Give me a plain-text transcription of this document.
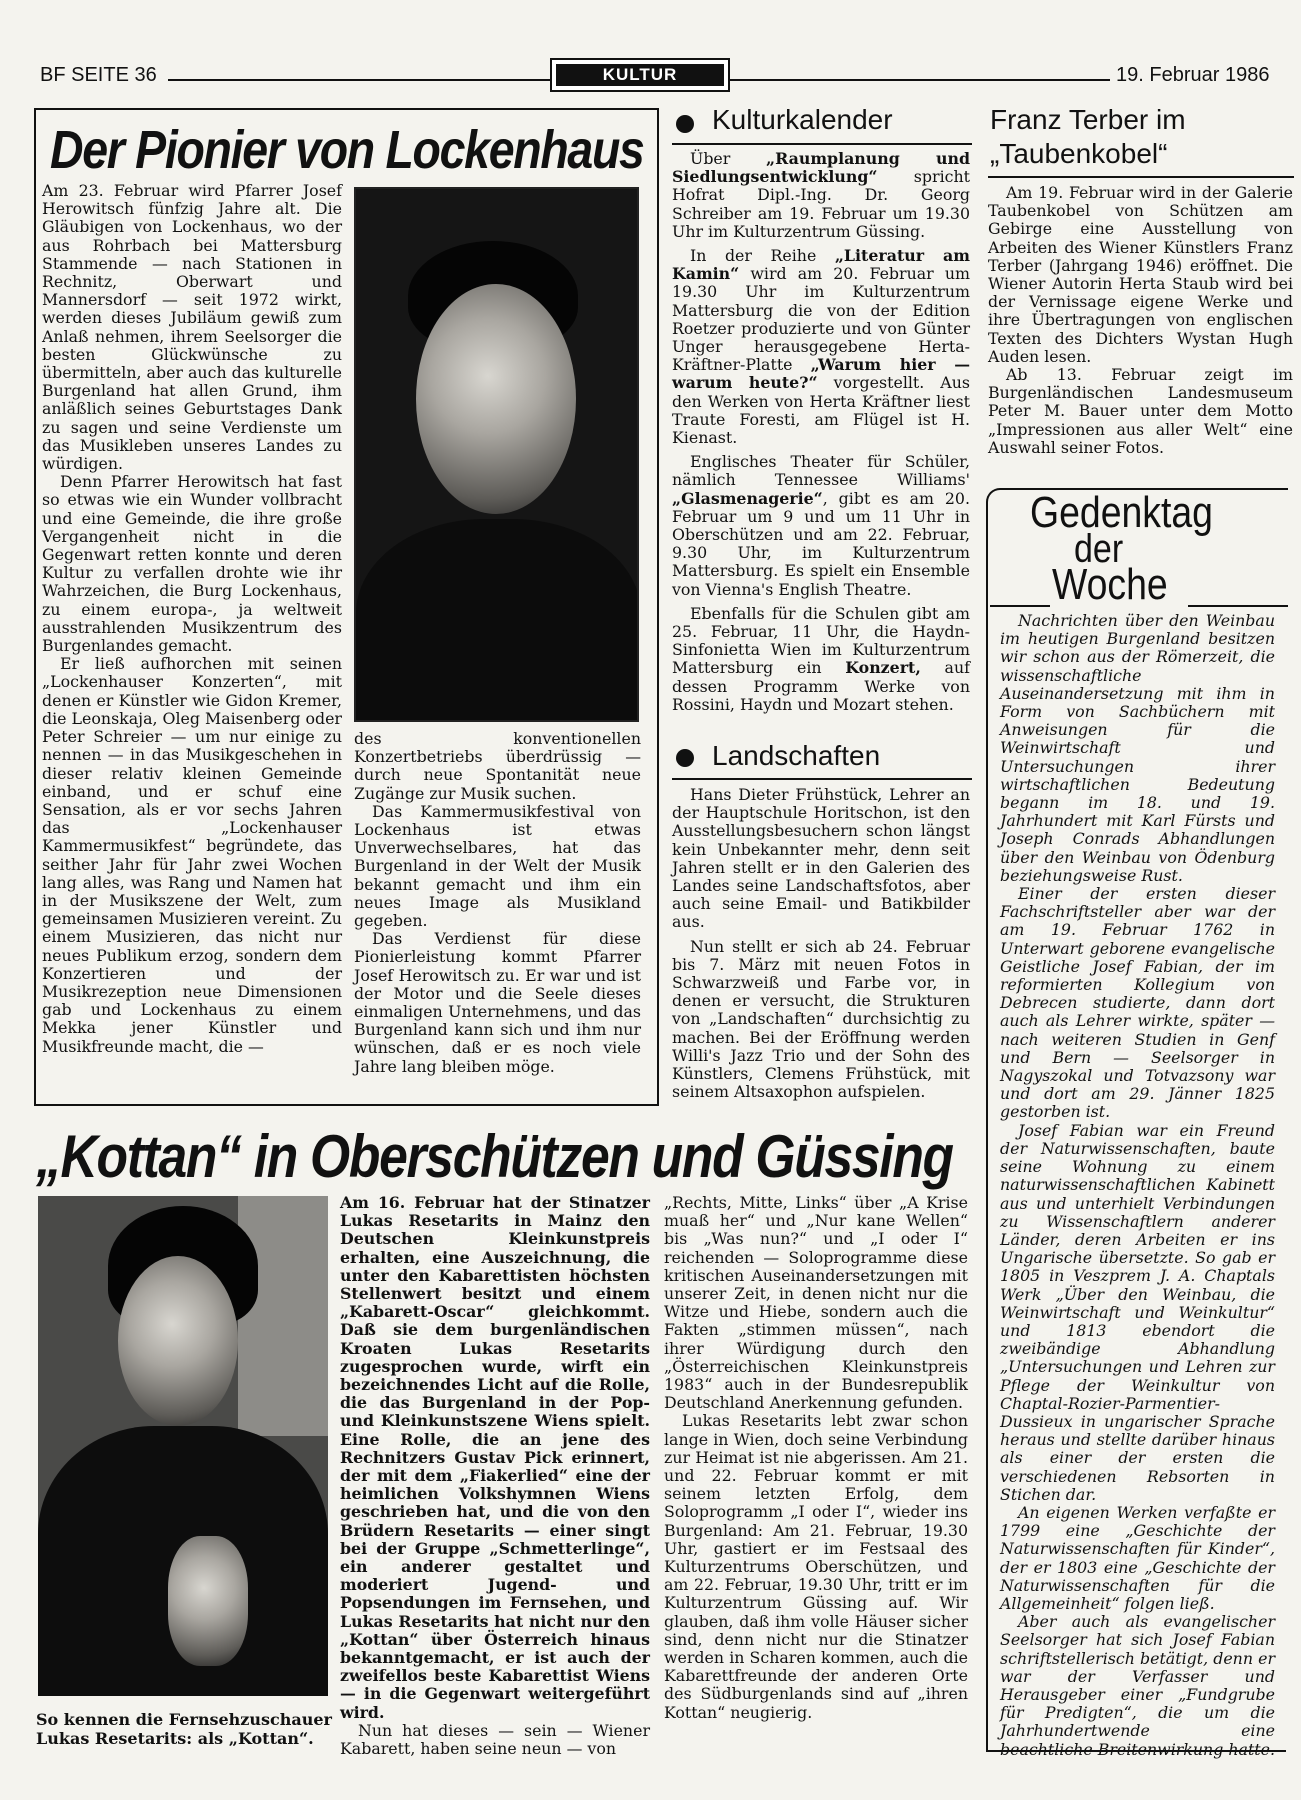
BF SEITE 36	KULTUR	19. Februar 1986
Der Pionier von Lockenhaus

Am 23. Februar wird Pfarrer Josef Herowitsch fünfzig Jahre alt. Die Gläubigen von Lockenhaus, wo der aus Rohrbach bei Mattersburg Stammende — nach Stationen in Rechnitz, Oberwart und Mannersdorf — seit 1972 wirkt, werden dieses Jubiläum gewiß zum Anlaß nehmen, ihrem Seelsorger die besten Glückwünsche zu übermitteln, aber auch das kulturelle Burgenland hat allen Grund, ihm anläßlich seines Geburtstages Dank zu sagen und seine Verdienste um das Musikleben unseres Landes zu würdigen.

Denn Pfarrer Herowitsch hat fast so etwas wie ein Wunder vollbracht und eine Gemeinde, die ihre große Vergangenheit nicht in die Gegenwart retten konnte und deren Kultur zu verfallen drohte wie ihr Wahrzeichen, die Burg Lockenhaus, zu einem europa-, ja weltweit ausstrahlenden Musikzentrum des Burgenlandes gemacht.

Er ließ aufhorchen mit seinen „Lockenhauser Konzerten“, mit denen er Künstler wie Gidon Kremer, die Leonskaja, Oleg Maisenberg oder Peter Schreier — um nur einige zu nennen — in das Musikgeschehen in dieser relativ kleinen Gemeinde einband, und er schuf eine Sensation, als er vor sechs Jahren das „Lockenhauser Kammermusikfest“ begründete, das seither Jahr für Jahr zwei Wochen lang alles, was Rang und Namen hat in der Musikszene der Welt, zum gemeinsamen Musizieren vereint. Zu einem Musizieren, das nicht nur neues Publikum erzog, sondern dem Konzertieren und der Musikrezeption neue Dimensionen gab und Lockenhaus zu einem Mekka jener Künstler und Musikfreunde macht, die —

des konventionellen Konzertbetriebs überdrüssig — durch neue Spontanität neue Zugänge zur Musik suchen.

Das Kammermusikfestival von Lockenhaus ist etwas Unverwechselbares, hat das Burgenland in der Welt der Musik bekannt gemacht und ihm ein neues Image als Musikland gegeben.

Das Verdienst für diese Pionierleistung kommt Pfarrer Josef Herowitsch zu. Er war und ist der Motor und die Seele dieses einmaligen Unternehmens, und das Burgenland kann sich und ihm nur wünschen, daß er es noch viele Jahre lang bleiben möge.

Kulturkalender

Über „Raumplanung und Siedlungsentwicklung“ spricht Hofrat Dipl.-Ing. Dr. Georg Schreiber am 19. Februar um 19.30 Uhr im Kulturzentrum Güssing.

In der Reihe „Literatur am Kamin“ wird am 20. Februar um 19.30 Uhr im Kulturzentrum Mattersburg die von der Edition Roetzer produzierte und von Günter Unger herausgegebene Herta-Kräftner-Platte „Warum hier — warum heute?“ vorgestellt. Aus den Werken von Herta Kräftner liest Traute Foresti, am Flügel ist H. Kienast.

Englisches Theater für Schüler, nämlich Tennessee Williams' „Glasmenagerie“, gibt es am 20. Februar um 9 und um 11 Uhr in Oberschützen und am 22. Februar, 9.30 Uhr, im Kulturzentrum Mattersburg. Es spielt ein Ensemble von Vienna's English Theatre.

Ebenfalls für die Schulen gibt am 25. Februar, 11 Uhr, die Haydn-Sinfonietta Wien im Kulturzentrum Mattersburg ein Konzert, auf dessen Programm Werke von Rossini, Haydn und Mozart stehen.

Landschaften

Hans Dieter Frühstück, Lehrer an der Hauptschule Horitschon, ist den Ausstellungsbesuchern schon längst kein Unbekannter mehr, denn seit Jahren stellt er in den Galerien des Landes seine Landschaftsfotos, aber auch seine Email- und Batikbilder aus.

Nun stellt er sich ab 24. Februar bis 7. März mit neuen Fotos in Schwarzweiß und Farbe vor, in denen er versucht, die Strukturen von „Landschaften“ durchsichtig zu machen. Bei der Eröffnung werden Willi's Jazz Trio und der Sohn des Künstlers, Clemens Frühstück, mit seinem Altsaxophon aufspielen.

Franz Terber im
„Taubenkobel“

Am 19. Februar wird in der Galerie Taubenkobel von Schützen am Gebirge eine Ausstellung von Arbeiten des Wiener Künstlers Franz Terber (Jahrgang 1946) eröffnet. Die Wiener Autorin Herta Staub wird bei der Vernissage eigene Werke und ihre Übertragungen von englischen Texten des Dichters Wystan Hugh Auden lesen.

Ab 13. Februar zeigt im Burgenländischen Landesmuseum Peter M. Bauer unter dem Motto „Impressionen aus aller Welt“ eine Auswahl seiner Fotos.

Gedenktag
der
Woche

Nachrichten über den Weinbau im heutigen Burgenland besitzen wir schon aus der Römerzeit, die wissenschaftliche Auseinandersetzung mit ihm in Form von Sachbüchern mit Anweisungen für die Weinwirtschaft und Untersuchungen ihrer wirtschaftlichen Bedeutung begann im 18. und 19. Jahrhundert mit Karl Fürsts und Joseph Conrads Abhandlungen über den Weinbau von Ödenburg beziehungsweise Rust.

Einer der ersten dieser Fachschriftsteller aber war der am 19. Februar 1762 in Unterwart geborene evangelische Geistliche Josef Fabian, der im reformierten Kollegium von Debrecen studierte, dann dort auch als Lehrer wirkte, später — nach weiteren Studien in Genf und Bern — Seelsorger in Nagyszokal und Totvazsony war und dort am 29. Jänner 1825 gestorben ist.

Josef Fabian war ein Freund der Naturwissenschaften, baute seine Wohnung zu einem naturwissenschaftlichen Kabinett aus und unterhielt Verbindungen zu Wissenschaftlern anderer Länder, deren Arbeiten er ins Ungarische übersetzte. So gab er 1805 in Veszprem J. A. Chaptals Werk „Über den Weinbau, die Weinwirtschaft und Weinkultur“ und 1813 ebendort die zweibändige Abhandlung „Untersuchungen und Lehren zur Pflege der Weinkultur von Chaptal-Rozier-Parmentier-Dussieux in ungarischer Sprache heraus und stellte darüber hinaus als einer der ersten die verschiedenen Rebsorten in Stichen dar.

An eigenen Werken verfaßte er 1799 eine „Geschichte der Naturwissenschaften für Kinder“, der er 1803 eine „Geschichte der Naturwissenschaften für die Allgemeinheit“ folgen ließ.

Aber auch als evangelischer Seelsorger hat sich Josef Fabian schriftstellerisch betätigt, denn er war der Verfasser und Herausgeber einer „Fundgrube für Predigten“, die um die Jahrhundertwende eine

„Kottan“ in Oberschützen und Güssing
So kennen die Fernsehzuschauer Lukas Resetarits: als „Kottan“.

Am 16. Februar hat der Stinatzer Lukas Resetarits in Mainz den Deutschen Kleinkunstpreis erhalten, eine Auszeichnung, die unter den Kabarettisten höchsten Stellenwert besitzt und einem „Kabarett-Oscar“ gleichkommt. Daß sie dem burgenländischen Kroaten Lukas Resetarits zugesprochen wurde, wirft ein bezeichnendes Licht auf die Rolle, die das Burgenland in der Pop- und Kleinkunstszene Wiens spielt. Eine Rolle, die an jene des Rechnitzers Gustav Pick erinnert, der mit dem „Fiakerlied“ eine der heimlichen Volkshymnen Wiens geschrieben hat, und die von den Brüdern Resetarits — einer singt bei der Gruppe „Schmetterlinge“, ein anderer gestaltet und moderiert Jugend- und Popsendungen im Fernsehen, und Lukas Resetarits hat nicht nur den „Kottan“ über Österreich hinaus bekanntgemacht, er ist auch der zweifellos beste Kabarettist Wiens — in die Gegenwart weitergeführt wird.

Nun hat dieses — sein — Wiener Kabarett, haben seine neun — von

„Rechts, Mitte, Links“ über „A Krise muaß her“ und „Nur kane Wellen“ bis „Was nun?“ und „I oder I“ reichenden — Soloprogramme diese kritischen Auseinandersetzungen mit unserer Zeit, in denen nicht nur die Witze und Hiebe, sondern auch die Fakten „stimmen müssen“, nach ihrer Würdigung durch den „Österreichischen Kleinkunstpreis 1983“ auch in der Bundesrepublik Deutschland Anerkennung gefunden.

Lukas Resetarits lebt zwar schon lange in Wien, doch seine Verbindung zur Heimat ist nie abgerissen. Am 21. und 22. Februar kommt er mit seinem letzten Erfolg, dem Soloprogramm „I oder I“, wieder ins Burgenland: Am 21. Februar, 19.30 Uhr, gastiert er im Festsaal des Kulturzentrums Oberschützen, und am 22. Februar, 19.30 Uhr, tritt er im Kulturzentrum Güssing auf. Wir glauben, daß ihm volle Häuser sicher sind, denn nicht nur die Stinatzer werden in Scharen kommen, auch die Kabarettfreunde der anderen Orte des Südburgenlands sind auf „ihren Kottan“ neugierig.
